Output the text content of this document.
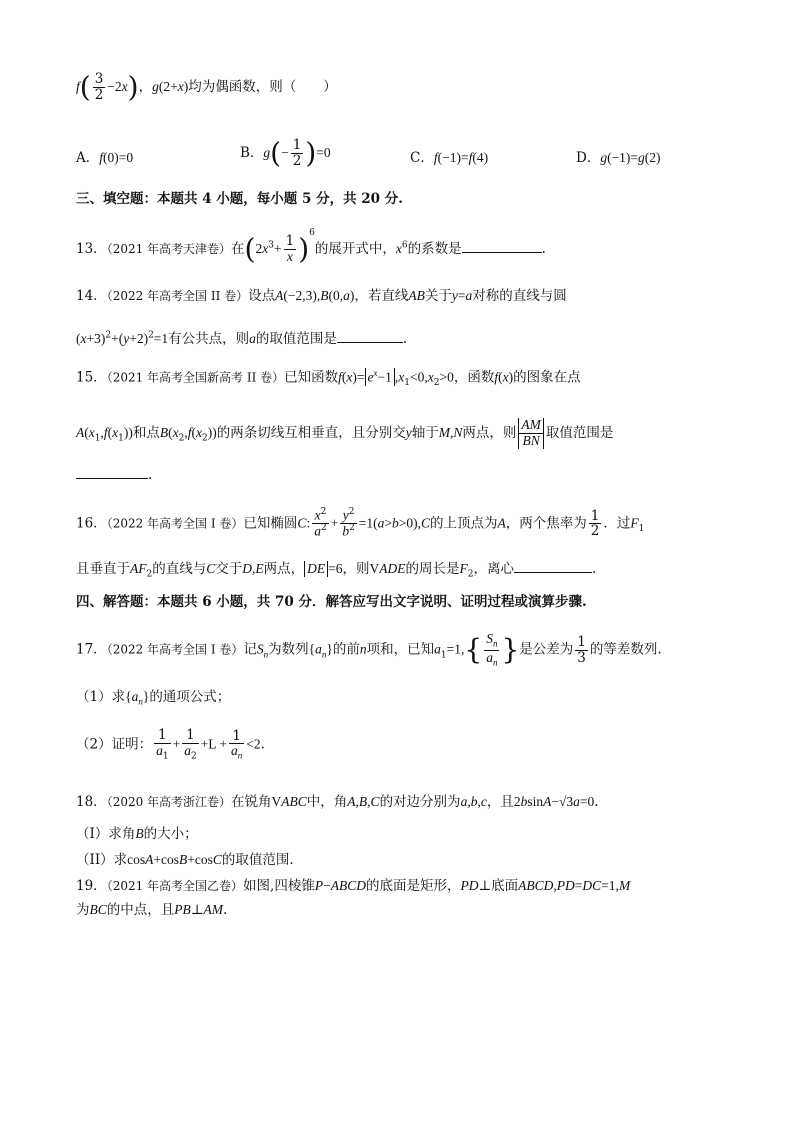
$f( \frac{3}{2} -2x)$，g(2+x)均为偶函数，则（　　）
A．f(0)=0	B．$g(- \frac{1}{2} )=0$	C．f(−1)=f(4)	D．g(−1)=g(2)
三、填空题：本题共 4 小题，每小题 5 分，共 20 分.
13．（2021 年高考天津卷）在$(2x^3+ \frac{1}{x} )^6$的展开式中，$x^6$的系数是	.
14．（2022 年高考全国 II 卷）设点A(−2,3),B(0,a)，若直线AB关于y=a对称的直线与圆
$(x+3)^2+(y+2)^2=1$有公共点，则a的取值范围是	.
15．（2021 年高考全国新高考 II 卷）已知函数$f(x)= e^x-1$ $,x_1<0,x_2>0$，函数f(x)的图象在点
$A(x_1,f(x_1))$和点$B(x_2,f(x_2))$的两条切线互相垂直，且分别交y轴于M,N两点，则 $\frac{AM}{BN}$ 取值范围是
.
16．（2022 年高考全国 I 卷）已知椭圆C: $\frac{x^2}{a^2} + \frac{y^2}{b^2} =1(a>b>0),C$的上顶点为A，两个焦率为 $\frac{1}{2}$ ．过$F_1$
且垂直于$AF_2$的直线与C交于D,E两点， DE =6，则VADE的周长是$F_2$，离心	.
四、解答题：本题共 6 小题，共 70 分．解答应写出文字说明、证明过程或演算步骤.
17．（2022 年高考全国 I 卷）记$S_n$为数列$\{a_n\}$的前n项和，已知$a_1=1,\{ \frac{S_n}{a_n}$ }是公差为 $\frac{1}{3}$ 的等差数列.
（1）求$\{a_n\}$的通项公式；
（2）证明： $\frac{1}{a_1} + \frac{1}{a_2} +L + \frac{1}{a_n} <2$.
18．（2020 年高考浙江卷）在锐角VABC中，角A,B,C的对边分别为a,b,c，且2bsinA−√3a=0.
（I）求角B的大小；
（II）求cosA+cosB+cosC的取值范围.
19．（2021 年高考全国乙卷）如图,四棱锥P−ABCD的底面是矩形，PD⊥底面ABCD,PD=DC=1,M
为BC的中点，且PB⊥AM.
